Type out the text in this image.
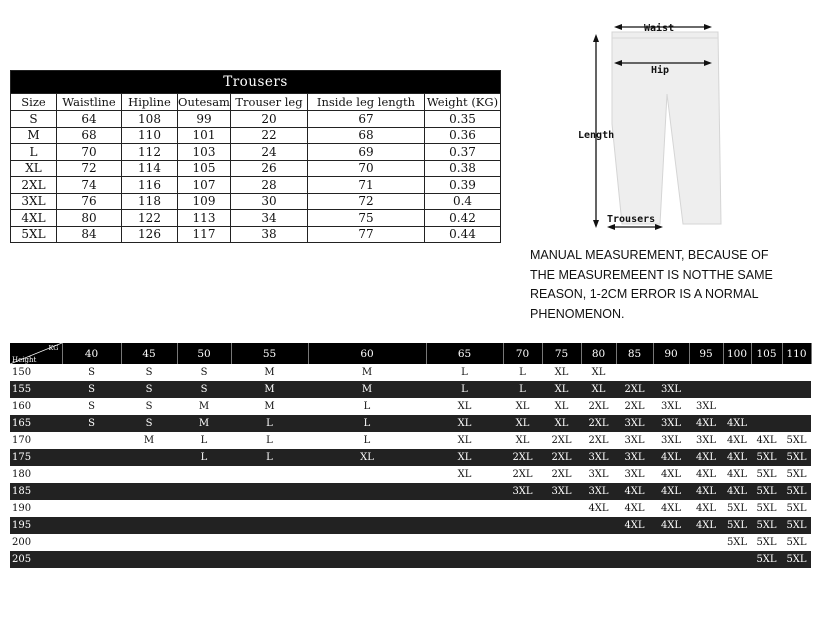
Trousers						
Size	Waistline	Hipline	Outesam	Trouser leg	Inside leg length	Weight (KG)
S	64	108	99	20	67	0.35
M	68	110	101	22	68	0.36
L	70	112	103	24	69	0.37
XL	72	114	105	26	70	0.38
2XL	74	116	107	28	71	0.39
3XL	76	118	109	30	72	0.4
4XL	80	122	113	34	75	0.42
5XL	84	126	117	38	77	0.44
Waist
Hip
Length
Trousers
MANUAL MEASUREMENT, BECAUSE OF
THE MEASUREMEENT IS NOTTHE SAME
REASON, 1-2CM ERROR IS A NORMAL
PHENOMENON.
KG
Height	40	45	50	55	60	65	70	75	80	85	90	95	100	105	110
150	S	S	S	M	M	L	L	XL	XL						
155	S	S	S	M	M	L	L	XL	XL	2XL	3XL				
160	S	S	M	M	L	XL	XL	XL	2XL	2XL	3XL	3XL			
165	S	S	M	L	L	XL	XL	XL	2XL	3XL	3XL	4XL	4XL		
170		M	L	L	L	XL	XL	2XL	2XL	3XL	3XL	3XL	4XL	4XL	5XL
175			L	L	XL	XL	2XL	2XL	3XL	3XL	4XL	4XL	4XL	5XL	5XL
180						XL	2XL	2XL	3XL	3XL	4XL	4XL	4XL	5XL	5XL
185							3XL	3XL	3XL	4XL	4XL	4XL	4XL	5XL	5XL
190									4XL	4XL	4XL	4XL	5XL	5XL	5XL
195										4XL	4XL	4XL	5XL	5XL	5XL
200													5XL	5XL	5XL
205														5XL	5XL
